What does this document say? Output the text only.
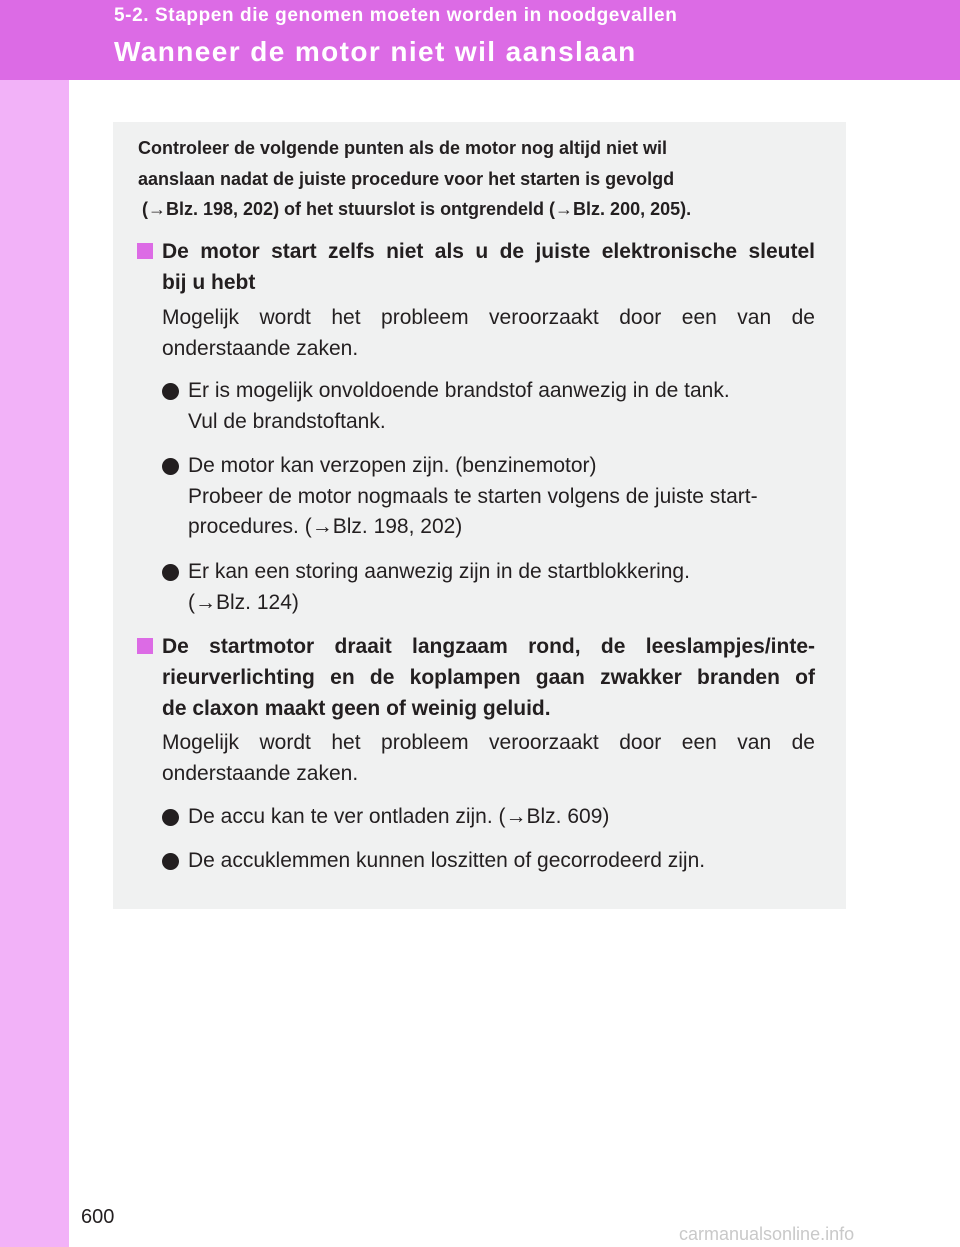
5-2. Stappen die genomen moeten worden in noodgevallen
Wanneer de motor niet wil aanslaan
Controleer de volgende punten als de motor nog altijd niet wil
aanslaan nadat de juiste procedure voor het starten is gevolgd
(→Blz. 198, 202) of het stuurslot is ontgrendeld (→Blz. 200, 205).
De motor start zelfs niet als u de juiste elektronische sleutel
bij u hebt
Mogelijk wordt het probleem veroorzaakt door een van de
onderstaande zaken.
Er is mogelijk onvoldoende brandstof aanwezig in de tank.
Vul de brandstoftank.
De motor kan verzopen zijn. (benzinemotor)
Probeer de motor nogmaals te starten volgens de juiste start-
procedures. (→Blz. 198, 202)
Er kan een storing aanwezig zijn in de startblokkering.
(→Blz. 124)
De startmotor draait langzaam rond, de leeslampjes/inte-
rieurverlichting en de koplampen gaan zwakker branden of
de claxon maakt geen of weinig geluid.
Mogelijk wordt het probleem veroorzaakt door een van de
onderstaande zaken.
De accu kan te ver ontladen zijn. (→Blz. 609)
De accuklemmen kunnen loszitten of gecorrodeerd zijn.
600
carmanualsonline.info
